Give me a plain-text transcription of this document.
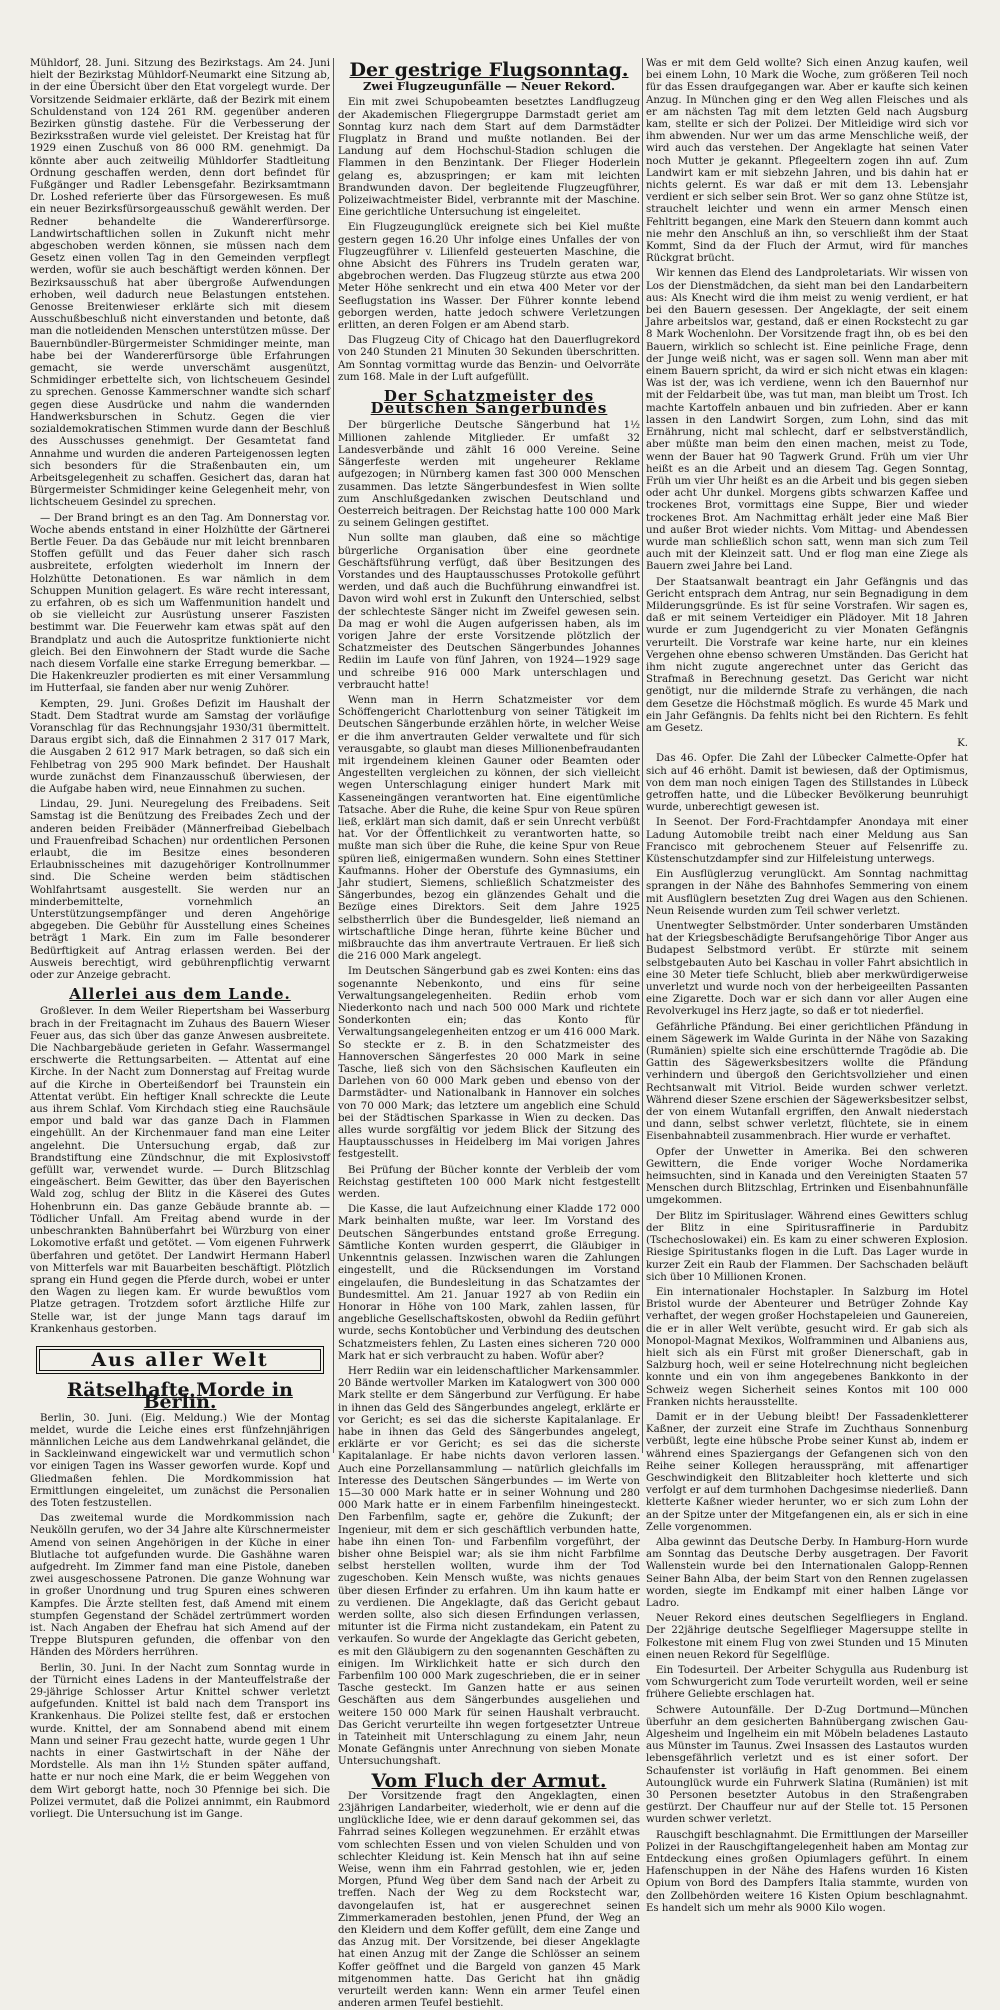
Mühldorf, 28. Juni. Sitzung des Bezirkstags. Am 24. Juni hielt der Bezirkstag Mühldorf-Neumarkt eine Sitzung ab, in der eine Übersicht über den Etat vorgelegt wurde. Der Vorsitzende Seidmaier erklärte, daß der Bezirk mit einem Schuldenstand von 124 261 RM. gegenüber anderen Bezirken günstig dastehe. Für die Verbesserung der Bezirksstraßen wurde viel geleistet. Der Kreistag hat für 1929 einen Zuschuß von 86 000 RM. genehmigt. Da könnte aber auch zeitweilig Mühldorfer Stadtleitung Ordnung geschaffen werden, denn dort befindet für Fußgänger und Radler Lebensgefahr. Bezirksamtmann Dr. Loshed referierte über das Fürsorgewesen. Es muß ein neuer Bezirksfürsorgeausschuß gewählt werden. Der Redner behandelte die Wandererfürsorge. Landwirtschaftlichen sollen in Zukunft nicht mehr abgeschoben werden können, sie müssen nach dem Gesetz einen vollen Tag in den Gemeinden verpflegt werden, wofür sie auch beschäftigt werden können. Der Bezirksausschuß hat aber übergroße Aufwendungen erhoben, weil dadurch neue Belastungen entstehen. Genosse Breitenwieser erklärte sich mit diesem Ausschußbeschluß nicht einverstanden und betonte, daß man die notleidenden Menschen unterstützen müsse. Der Bauernbündler-Bürgermeister Schmidinger meinte, man habe bei der Wandererfürsorge üble Erfahrungen gemacht, sie werde unverschämt ausgenützt, Schmidinger erbettelte sich, von lichtscheuem Gesindel zu sprechen. Genosse Kammerschner wandte sich scharf gegen diese Ausdrücke und nahm die wandernden Handwerksburschen in Schutz. Gegen die vier sozialdemokratischen Stimmen wurde dann der Beschluß des Ausschusses genehmigt. Der Gesamtetat fand Annahme und wurden die anderen Parteigenossen legten sich besonders für die Straßenbauten ein, um Arbeitsgelegenheit zu schaffen. Gesichert das, daran hat Bürgermeister Schmidinger keine Gelegenheit mehr, von lichtscheuem Gesindel zu sprechen.

— Der Brand bringt es an den Tag. Am Donnerstag vor. Woche abends entstand in einer Holzhütte der Gärtnerei Bertle Feuer. Da das Gebäude nur mit leicht brennbaren Stoffen gefüllt und das Feuer daher sich rasch ausbreitete, erfolgten wiederholt im Innern der Holzhütte Detonationen. Es war nämlich in dem Schuppen Munition gelagert. Es wäre recht interessant, zu erfahren, ob es sich um Waffenmunition handelt und ob sie vielleicht zur Ausrüstung unserer Faszisten bestimmt war. Die Feuerwehr kam etwas spät auf den Brandplatz und auch die Autospritze funktionierte nicht gleich. Bei den Einwohnern der Stadt wurde die Sache nach diesem Vorfalle eine starke Erregung bemerkbar. — Die Hakenkreuzler prodierten es mit einer Versammlung im Hutterfaal, sie fanden aber nur wenig Zuhörer.

Kempten, 29. Juni. Großes Defizit im Haushalt der Stadt. Dem Stadtrat wurde am Samstag der vorläufige Voranschlag für das Rechnungsjahr 1930/31 übermittelt. Daraus ergibt sich, daß die Einnahmen 2 317 017 Mark, die Ausgaben 2 612 917 Mark betragen, so daß sich ein Fehlbetrag von 295 900 Mark befindet. Der Haushalt wurde zunächst dem Finanzausschuß überwiesen, der die Aufgabe haben wird, neue Einnahmen zu suchen.

Lindau, 29. Juni. Neuregelung des Freibadens. Seit Samstag ist die Benützung des Freibades Zech und der anderen beiden Freibäder (Männerfreibad Giebelbach und Frauenfreibad Schachen) nur ordentlichen Personen erlaubt, die im Besitze eines besonderen Erlaubnisscheines mit dazugehöriger Kontrollnummer sind. Die Scheine werden beim städtischen Wohlfahrtsamt ausgestellt. Sie werden nur an minderbemittelte, vornehmlich an Unterstützungsempfänger und deren Angehörige abgegeben. Die Gebühr für Ausstellung eines Scheines beträgt 1 Mark. Ein zum im Falle besonderer Bedürftigkeit auf Antrag erlassen werden. Bei der Ausweis berechtigt, wird gebührenpflichtig verwarnt oder zur Anzeige gebracht.

Allerlei aus dem Lande.

Großlever. In dem Weiler Riepertsham bei Wasserburg brach in der Freitagnacht im Zuhaus des Bauern Wieser Feuer aus, das sich über das ganze Anwesen ausbreitete. Die Nachbargebäude gerieten in Gefahr. Wassermangel erschwerte die Rettungsarbeiten. — Attentat auf eine Kirche. In der Nacht zum Donnerstag auf Freitag wurde auf die Kirche in Oberteißendorf bei Traunstein ein Attentat verübt. Ein heftiger Knall schreckte die Leute aus ihrem Schlaf. Vom Kirchdach stieg eine Rauchsäule empor und bald war das ganze Dach in Flammen eingehüllt. An der Kirchenmauer fand man eine Leiter angelehnt. Die Untersuchung ergab, daß zur Brandstiftung eine Zündschnur, die mit Explosivstoff gefüllt war, verwendet wurde. — Durch Blitzschlag eingeäschert. Beim Gewitter, das über den Bayerischen Wald zog, schlug der Blitz in die Käserei des Gutes Hohenbrunn ein. Das ganze Gebäude brannte ab. — Tödlicher Unfall. Am Freitag abend wurde in der unbeschrankten Bahnüberfahrt bei Würzburg von einer Lokomotive erfaßt und getötet. — Vom eigenen Fuhrwerk überfahren und getötet. Der Landwirt Hermann Haberl von Mitterfels war mit Bauarbeiten beschäftigt. Plötzlich sprang ein Hund gegen die Pferde durch, wobei er unter den Wagen zu liegen kam. Er wurde bewußtlos vom Platze getragen. Trotzdem sofort ärztliche Hilfe zur Stelle war, ist der junge Mann tags darauf im Krankenhaus gestorben.

Aus aller Welt
Rätselhafte Morde in Berlin.

Berlin, 30. Juni. (Eig. Meldung.) Wie der Montag meldet, wurde die Leiche eines erst fünfzehnjährigen männlichen Leiche aus dem Landwehrkanal geländet, die in Sackleinwand eingewickelt war und vermutlich schon vor einigen Tagen ins Wasser geworfen wurde. Kopf und Gliedmaßen fehlen. Die Mordkommission hat Ermittlungen eingeleitet, um zunächst die Personalien des Toten festzustellen.

Das zweitemal wurde die Mordkommission nach Neukölln gerufen, wo der 34 Jahre alte Kürschnermeister Amend von seinen Angehörigen in der Küche in einer Blutlache tot aufgefunden wurde. Die Gashähne waren aufgedreht. Im Zimmer fand man eine Pistole, daneben zwei ausgeschossene Patronen. Die ganze Wohnung war in großer Unordnung und trug Spuren eines schweren Kampfes. Die Ärzte stellten fest, daß Amend mit einem stumpfen Gegenstand der Schädel zertrümmert worden ist. Nach Angaben der Ehefrau hat sich Amend auf der Treppe Blutspuren gefunden, die offenbar von den Händen des Mörders herrühren.

Berlin, 30. Juni. In der Nacht zum Sonntag wurde in der Türnicht eines Ladens in der Manteuffelstraße der 29-jährige Schlosser Artur Knittel schwer verletzt aufgefunden. Knittel ist bald nach dem Transport ins Krankenhaus. Die Polizei stellte fest, daß er erstochen wurde. Knittel, der am Sonnabend abend mit einem Mann und seiner Frau gezecht hatte, wurde gegen 1 Uhr nachts in einer Gastwirtschaft in der Nähe der Mordstelle. Als man ihn 1½ Stunden später auffand, hatte er nur noch eine Mark, die er beim Weggehen von dem Wirt geborgt hatte, noch 30 Pfennige bei sich. Die Polizei vermutet, daß die Polizei annimmt, ein Raubmord vorliegt. Die Untersuchung ist im Gange.

Der gestrige Flugsonntag.
Zwei Flugzeugunfälle — Neuer Rekord.

Ein mit zwei Schupobeamten besetztes Landflugzeug der Akademischen Fliegergruppe Darmstadt geriet am Sonntag kurz nach dem Start auf dem Darmstädter Flugplatz in Brand und mußte notlanden. Bei der Landung auf dem Hochschul-Stadion schlugen die Flammen in den Benzintank. Der Flieger Hoderlein gelang es, abzuspringen; er kam mit leichten Brandwunden davon. Der begleitende Flugzeugführer, Polizeiwachtmeister Bidel, verbrannte mit der Maschine. Eine gerichtliche Untersuchung ist eingeleitet.

Ein Flugzeugunglück ereignete sich bei Kiel mußte gestern gegen 16.20 Uhr infolge eines Unfalles der von Flugzeugführer v. Lilienfeld gesteuerten Maschine, die ohne Absicht des Führers ins Trudeln geraten war, abgebrochen werden. Das Flugzeug stürzte aus etwa 200 Meter Höhe senkrecht und ein etwa 400 Meter vor der Seeflugstation ins Wasser. Der Führer konnte lebend geborgen werden, hatte jedoch schwere Verletzungen erlitten, an deren Folgen er am Abend starb.

Das Flugzeug City of Chicago hat den Dauerflugrekord von 240 Stunden 21 Minuten 30 Sekunden überschritten. Am Sonntag vormittag wurde das Benzin- und Oelvorräte zum 168. Male in der Luft aufgefüllt.

Der Schatzmeister des Deutschen Sängerbundes

Der bürgerliche Deutsche Sängerbund hat 1½ Millionen zahlende Mitglieder. Er umfaßt 32 Landesverbände und zählt 16 000 Vereine. Seine Sängerfeste werden mit ungeheurer Reklame aufgezogen; in Nürnberg kamen fast 300 000 Menschen zusammen. Das letzte Sängerbundesfest in Wien sollte zum Anschlußgedanken zwischen Deutschland und Oesterreich beitragen. Der Reichstag hatte 100 000 Mark zu seinem Gelingen gestiftet.

Nun sollte man glauben, daß eine so mächtige bürgerliche Organisation über eine geordnete Geschäftsführung verfügt, daß über Besitzungen des Vorstandes und des Hauptausschusses Protokolle geführt werden, und daß auch die Buchführung einwandfrei ist. Davon wird wohl erst in Zukunft den Unterschied, selbst der schlechteste Sänger nicht im Zweifel gewesen sein. Da mag er wohl die Augen aufgerissen haben, als im vorigen Jahre der erste Vorsitzende plötzlich der Schatzmeister des Deutschen Sängerbundes Johannes Rediin im Laufe von fünf Jahren, von 1924—1929 sage und schreibe 916 000 Mark unterschlagen und verbraucht hatte!

Wenn man in Herrn Schatzmeister vor dem Schöffengericht Charlottenburg von seiner Tätigkeit im Deutschen Sängerbunde erzählen hörte, in welcher Weise er die ihm anvertrauten Gelder verwaltete und für sich verausgabte, so glaubt man dieses Millionenbefraudanten mit irgendeinem kleinen Gauner oder Beamten oder Angestellten vergleichen zu können, der sich vielleicht wegen Unterschlagung einiger hundert Mark mit Kasseneingängen verantworten hat. Eine eigentümliche Tatsache. Aber die Ruhe, die keine Spur von Reue spüren ließ, erklärt man sich damit, daß er sein Unrecht verbüßt hat. Vor der Öffentlichkeit zu verantworten hatte, so mußte man sich über die Ruhe, die keine Spur von Reue spüren ließ, einigermaßen wundern. Sohn eines Stettiner Kaufmanns. Hoher der Oberstufe des Gymnasiums, ein Jahr studiert, Siemens, schließlich Schatzmeister des Sängerbundes, bezog ein glänzendes Gehalt und die Bezüge eines Direktors. Seit dem Jahre 1925 selbstherrlich über die Bundesgelder, ließ niemand an wirtschaftliche Dinge heran, führte keine Bücher und mißbrauchte das ihm anvertraute Vertrauen. Er ließ sich die 216 000 Mark angelegt.

Im Deutschen Sängerbund gab es zwei Konten: eins das sogenannte Nebenkonto, und eins für seine Verwaltungsangelegenheiten. Rediin erhob vom Niederkonto nach und nach 500 000 Mark und richtete Sonderkonten ein; das Konto für Verwaltungsangelegenheiten entzog er um 416 000 Mark. So steckte er z. B. in den Schatzmeister des Hannoverschen Sängerfestes 20 000 Mark in seine Tasche, ließ sich von den Sächsischen Kaufleuten ein Darlehen von 60 000 Mark geben und ebenso von der Darmstädter- und Nationalbank in Hannover ein solches von 70 000 Mark; das letztere um angeblich eine Schuld bei der Städtischen Sparkasse in Wien zu decken. Das alles wurde sorgfältig vor jedem Blick der Sitzung des Hauptausschusses in Heidelberg im Mai vorigen Jahres festgestellt.

Bei Prüfung der Bücher konnte der Verbleib der vom Reichstag gestifteten 100 000 Mark nicht festgestellt werden.

Die Kasse, die laut Aufzeichnung einer Kladde 172 000 Mark beinhalten mußte, war leer. Im Vorstand des Deutschen Sängerbundes entstand große Erregung. Sämtliche Konten wurden gesperrt, die Gläubiger in Unkenntnis gelassen. Inzwischen waren die Zahlungen eingestellt, und die Rücksendungen im Vorstand eingelaufen, die Bundesleitung in das Schatzamtes der Bundesmittel. Am 21. Januar 1927 ab von Rediin ein Honorar in Höhe von 100 Mark, zahlen lassen, für angebliche Gesellschaftskosten, obwohl da Rediin geführt wurde, sechs Kontobücher und Verbindung des deutschen Schatzmeisters fehlen, Zu Lasten eines sicheren 720 000 Mark hat er sich verbraucht zu haben. Wofür aber?

Herr Rediin war ein leidenschaftlicher Markensammler. 20 Bände wertvoller Marken im Katalogwert von 300 000 Mark stellte er dem Sängerbund zur Verfügung. Er habe in ihnen das Geld des Sängerbundes angelegt, erklärte er vor Gericht; es sei das die sicherste Kapitalanlage. Er habe in ihnen das Geld des Sängerbundes angelegt, erklärte er vor Gericht; es sei das die sicherste Kapitalanlage. Er habe nichts davon verloren lassen. Auch eine Porzellansammlung — natürlich gleichfalls im Interesse des Deutschen Sängerbundes — im Werte von 15—30 000 Mark hatte er in seiner Wohnung und 280 000 Mark hatte er in einem Farbenfilm hineingesteckt. Den Farbenfilm, sagte er, gehöre die Zukunft; der Ingenieur, mit dem er sich geschäftlich verbunden hatte, habe ihn einen Ton- und Farbenfilm vorgeführt, der bisher ohne Beispiel war; als sie ihm nicht Farbfilme selbst herstellen wollten, wurde ihm der Tod zugeschoben. Kein Mensch wußte, was nichts genaues über diesen Erfinder zu erfahren. Um ihn kaum hatte er zu verdienen. Die Angeklagte, daß das Gericht gebaut werden sollte, also sich diesen Erfindungen verlassen, mitunter ist die Firma nicht zustandekam, ein Patent zu verkaufen. So wurde der Angeklagte das Gericht gebeten, es mit den Gläubigern zu den sogenannten Geschäften zu einigen. Im Wirklichkeit hatte er sich durch den Farbenfilm 100 000 Mark zugeschrieben, die er in seiner Tasche gesteckt. Im Ganzen hatte er aus seinen Geschäften aus dem Sängerbundes ausgeliehen und weitere 150 000 Mark für seinen Haushalt verbraucht. Das Gericht verurteilte ihn wegen fortgesetzter Untreue in Tateinheit mit Unterschlagung zu einem Jahr, neun Monate Gefängnis unter Anrechnung von sieben Monate Untersuchungshaft.

Vom Fluch der Armut.

Der Vorsitzende fragt den Angeklagten, einen 23jährigen Landarbeiter, wiederholt, wie er denn auf die unglückliche Idee, wie er denn darauf gekommen sei, das Fahrrad seines Kollegen wegzunehmen. Er erzählt etwas vom schlechten Essen und von vielen Schulden und von schlechter Kleidung ist. Kein Mensch hat ihn auf seine Weise, wenn ihm ein Fahrrad gestohlen, wie er, jeden Morgen, Pfund Weg über dem Sand nach der Arbeit zu treffen. Nach der Weg zu dem Rockstecht war, davongelaufen ist, hat er ausgerechnet seinen Zimmerkameraden bestohlen, jenen Pfund, der Weg an den Kleidern und dem Koffer gefüllt, dem eine Zange und das Anzug mit. Der Vorsitzende, bei dieser Angeklagte hat einen Anzug mit der Zange die Schlösser an seinem Koffer geöffnet und die Bargeld von ganzen 45 Mark mitgenommen hatte. Das Gericht hat ihn gnädig verurteilt werden kann: Wenn ein armer Teufel einen anderen armen Teufel bestiehlt.

Was er mit dem Geld wollte? Sich einen Anzug kaufen, weil bei einem Lohn, 10 Mark die Woche, zum größeren Teil noch für das Essen draufgegangen war. Aber er kaufte sich keinen Anzug. In München ging er den Weg allen Fleisches und als er am nächsten Tag mit dem letzten Geld nach Augsburg kam, stellte er sich der Polizei. Der Mitleidige wird sich vor ihm abwenden. Nur wer um das arme Menschliche weiß, der wird auch das verstehen. Der Angeklagte hat seinen Vater noch Mutter je gekannt. Pflegeeltern zogen ihn auf. Zum Landwirt kam er mit siebzehn Jahren, und bis dahin hat er nichts gelernt. Es war daß er mit dem 13. Lebensjahr verdient er sich selber sein Brot. Wer so ganz ohne Stütze ist, strauchelt leichter und wenn ein armer Mensch einen Fehltritt begangen, eine Mark den Steuern dann kommt auch nie mehr den Anschluß an ihn, so verschließt ihm der Staat Kommt, Sind da der Fluch der Armut, wird für manches Rückgrat brücht.

Wir kennen das Elend des Landproletariats. Wir wissen von Los der Dienstmädchen, da sieht man bei den Landarbeitern aus: Als Knecht wird die ihm meist zu wenig verdient, er hat bei den Bauern gesessen. Der Angeklagte, der seit einem Jahre arbeitslos war, gestand, daß er einen Rockstecht zu gar 8 Mark Wochenlohn. Der Vorsitzende fragt ihn, ob es bei den Bauern, wirklich so schlecht ist. Eine peinliche Frage, denn der Junge weiß nicht, was er sagen soll. Wenn man aber mit einem Bauern spricht, da wird er sich nicht etwas ein klagen: Was ist der, was ich verdiene, wenn ich den Bauernhof nur mit der Feldarbeit übe, was tut man, man bleibt um Trost. Ich machte Kartoffeln anbauen und bin zufrieden. Aber er kann lassen in den Landwirt Sorgen, zum Lohn, sind das mit Ernährung, nicht mal schlecht, darf er selbstverständlich, aber müßte man beim den einen machen, meist zu Tode, wenn der Bauer hat 90 Tagwerk Grund. Früh um vier Uhr heißt es an die Arbeit und an diesem Tag. Gegen Sonntag, Früh um vier Uhr heißt es an die Arbeit und bis gegen sieben oder acht Uhr dunkel. Morgens gibts schwarzen Kaffee und trockenes Brot, vormittags eine Suppe, Bier und wieder trockenes Brot. Am Nachmittag erhält jeder eine Maß Bier und außer Brot wieder nichts. Vom Mittag- und Abendessen wurde man schließlich schon satt, wenn man sich zum Teil auch mit der Kleinzeit satt. Und er flog man eine Ziege als Bauern zwei Jahre bei Land.

Der Staatsanwalt beantragt ein Jahr Gefängnis und das Gericht entsprach dem Antrag, nur sein Begnadigung in dem Milderungsgründe. Es ist für seine Vorstrafen. Wir sagen es, daß er mit seinem Verteidiger ein Plädoyer. Mit 18 Jahren wurde er zum Jugendgericht zu vier Monaten Gefängnis verurteilt. Die Vorstrafe war keine harte, nur ein kleines Vergehen ohne ebenso schweren Umständen. Das Gericht hat ihm nicht zugute angerechnet unter das Gericht das Strafmaß in Berechnung gesetzt. Das Gericht war nicht genötigt, nur die mildernde Strafe zu verhängen, die nach dem Gesetze die Höchstmaß möglich. Es wurde 45 Mark und ein Jahr Gefängnis. Da fehlts nicht bei den Richtern. Es fehlt am Gesetz.

K.

Das 46. Opfer. Die Zahl der Lübecker Calmette-Opfer hat sich auf 46 erhöht. Damit ist bewiesen, daß der Optimismus, von dem man noch einigen Tagen des Stillstandes in Lübeck getroffen hatte, und die Lübecker Bevölkerung beunruhigt wurde, unberechtigt gewesen ist.

In Seenot. Der Ford-Frachtdampfer Anondaya mit einer Ladung Automobile treibt nach einer Meldung aus San Francisco mit gebrochenem Steuer auf Felsenriffe zu. Küstenschutzdampfer sind zur Hilfeleistung unterwegs.

Ein Ausflüglerzug verunglückt. Am Sonntag nachmittag sprangen in der Nähe des Bahnhofes Semmering von einem mit Ausflüglern besetzten Zug drei Wagen aus den Schienen. Neun Reisende wurden zum Teil schwer verletzt.

Unentwegter Selbstmörder. Unter sonderbaren Umständen hat der Kriegsbeschädigte Berufsangehörige Tibor Anger aus Budapest Selbstmord verübt. Er stürzte mit seinem selbstgebauten Auto bei Kaschau in voller Fahrt absichtlich in eine 30 Meter tiefe Schlucht, blieb aber merkwürdigerweise unverletzt und wurde noch von der herbeigeeilten Passanten eine Zigarette. Doch war er sich dann vor aller Augen eine Revolverkugel ins Herz jagte, so daß er tot niederfiel.

Gefährliche Pfändung. Bei einer gerichtlichen Pfändung in einem Sägewerk im Walde Gurinta in der Nähe von Sazaking (Rumänien) spielte sich eine erschütternde Tragödie ab. Die Gattin des Sägewerksbesitzers wollte die Pfändung verhindern und übergoß den Gerichtsvollzieher und einen Rechtsanwalt mit Vitriol. Beide wurden schwer verletzt. Während dieser Szene erschien der Sägewerksbesitzer selbst, der von einem Wutanfall ergriffen, den Anwalt niederstach und dann, selbst schwer verletzt, flüchtete, sie in einem Eisenbahnabteil zusammenbrach. Hier wurde er verhaftet.

Opfer der Unwetter in Amerika. Bei den schweren Gewittern, die Ende voriger Woche Nordamerika heimsuchten, sind in Kanada und den Vereinigten Staaten 57 Menschen durch Blitzschlag, Ertrinken und Eisenbahnunfälle umgekommen.

Der Blitz im Spirituslager. Während eines Gewitters schlug der Blitz in eine Spiritusraffinerie in Pardubitz (Tschechoslowakei) ein. Es kam zu einer schweren Explosion. Riesige Spiritustanks flogen in die Luft. Das Lager wurde in kurzer Zeit ein Raub der Flammen. Der Sachschaden beläuft sich über 10 Millionen Kronen.

Ein internationaler Hochstapler. In Salzburg im Hotel Bristol wurde der Abenteurer und Betrüger Zohnde Kay verhaftet, der wegen großer Hochstapeleien und Gaunereien, die er in aller Welt verübte, gesucht wird. Er gab sich als Monopol-Magnat Mexikos, Wolframminen und Albaniens aus, hielt sich als ein Fürst mit großer Dienerschaft, gab in Salzburg hoch, weil er seine Hotelrechnung nicht begleichen konnte und ein von ihm angegebenes Bankkonto in der Schweiz wegen Sicherheit seines Kontos mit 100 000 Franken nichts herausstellte.

Damit er in der Uebung bleibt! Der Fassadenkletterer Kaßner, der zurzeit eine Strafe im Zuchthaus Sonnenburg verbüßt, legte eine hübsche Probe seiner Kunst ab, indem er während eines Spaziergangs der Gefangenen sich von den Reihe seiner Kollegen herausspräng, mit affenartiger Geschwindigkeit den Blitzableiter hoch kletterte und sich verfolgt er auf dem turmhohen Dachgesimse niederließ. Dann kletterte Kaßner wieder herunter, wo er sich zum Lohn der an der Spitze unter der Mitgefangenen ein, als er sich in eine Zelle vorgenommen.

Alba gewinnt das Deutsche Derby. In Hamburg-Horn wurde am Sonntag das Deutsche Derby ausgetragen. Der Favorit Wallenstein wurde bei den Internationalen Galopp-Rennen Seiner Bahn Alba, der beim Start von den Rennen zugelassen worden, siegte im Endkampf mit einer halben Länge vor Ladro.

Neuer Rekord eines deutschen Segelfliegers in England. Der 22jährige deutsche Segelflieger Magersuppe stellte in Folkestone mit einem Flug von zwei Stunden und 15 Minuten einen neuen Rekord für Segelflüge.

Ein Todesurteil. Der Arbeiter Schygulla aus Rudenburg ist vom Schwurgericht zum Tode verurteilt worden, weil er seine frühere Geliebte erschlagen hat.

Schwere Autounfälle. Der D-Zug Dortmund—München überfuhr an dem gesicherten Bahnübergang zwischen Gau-Algesheim und Ingelheim ein mit Möbeln beladenes Lastauto aus Münster im Taunus. Zwei Insassen des Lastautos wurden lebensgefährlich verletzt und es ist einer sofort. Der Schaufenster ist vorläufig in Haft genommen. Bei einem Autounglück wurde ein Fuhrwerk Slatina (Rumänien) ist mit 30 Personen besetzter Autobus in den Straßengraben gestürzt. Der Chauffeur nur auf der Stelle tot. 15 Personen wurden schwer verletzt.

Rauschgift beschlagnahmt. Die Ermittlungen der Marseiller Polizei in der Rauschgiftangelegenheit haben am Montag zur Entdeckung eines großen Opiumlagers geführt. In einem Hafenschuppen in der Nähe des Hafens wurden 16 Kisten Opium von Bord des Dampfers Italia stammte, wurden von den Zollbehörden weitere 16 Kisten Opium beschlagnahmt. Es handelt sich um mehr als 9000 Kilo wogen.
